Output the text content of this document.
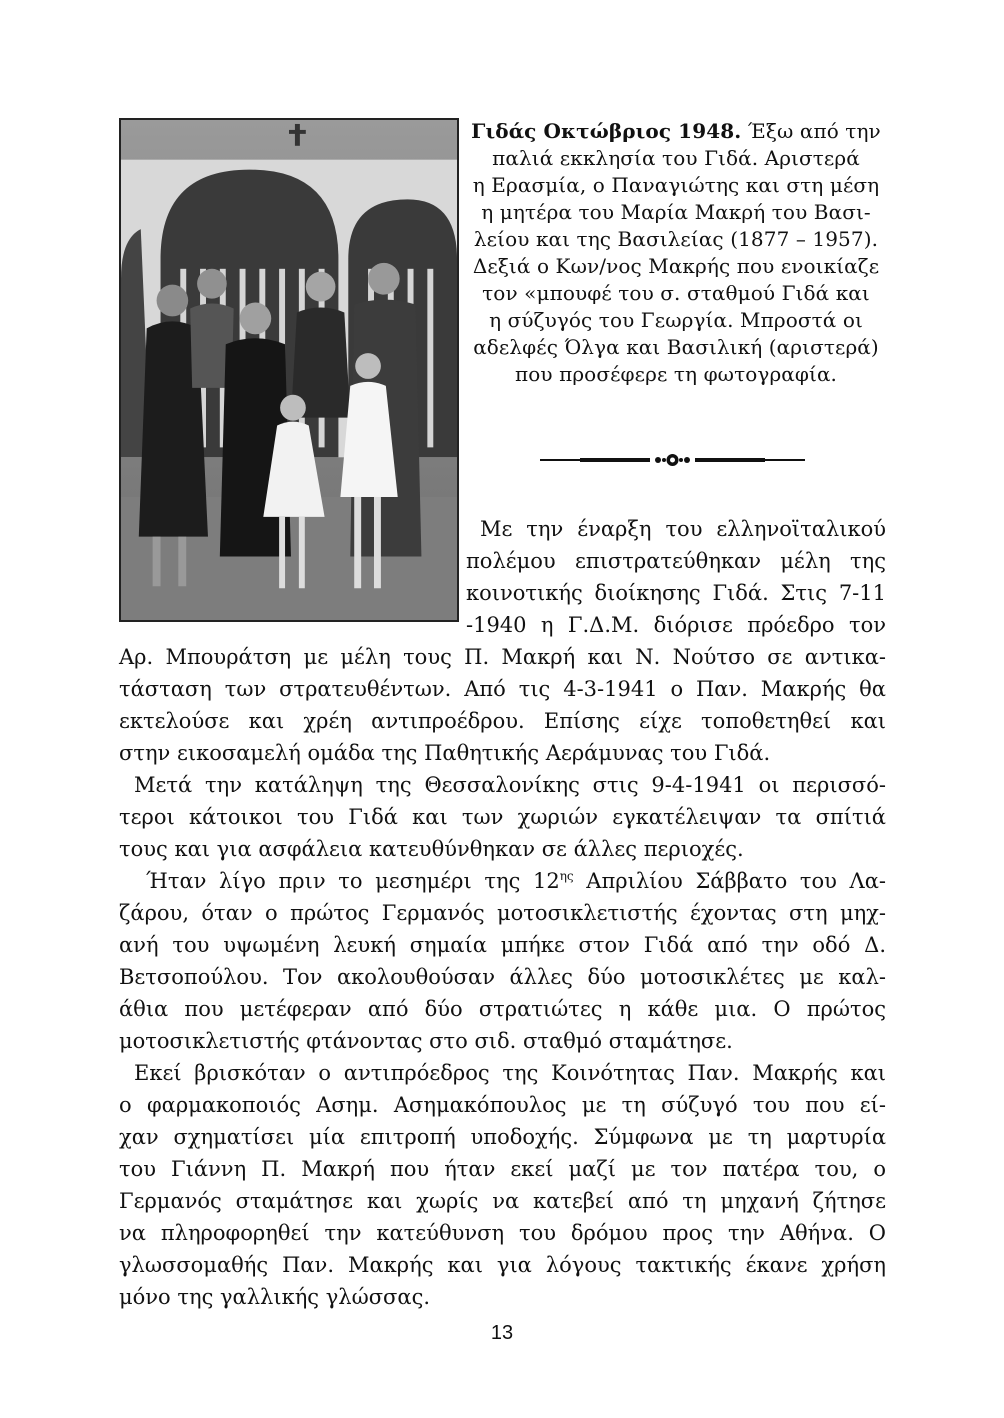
Γιδάς Οκτώβριος 1948. Έξω από την
παλιά εκκλησία του Γιδά. Αριστερά
η Ερασμία, ο Παναγιώτης και στη μέση
η μητέρα του Μαρία Μακρή του Βασι-
λείου και της Βασιλείας (1877 – 1957).
Δεξιά ο Κων/νος Μακρής που ενοικίαζε
τον «μπουφέ του σ. σταθμού Γιδά και
η σύζυγός του Γεωργία. Μπροστά οι
αδελφές Όλγα και Βασιλική (αριστερά)
που προσέφερε τη φωτογραφία.
Με την έναρξη του ελληνοϊταλικού
πολέμου επιστρατεύθηκαν μέλη της
κοινοτικής διοίκησης Γιδά. Στις 7-11
-1940 η Γ.Δ.Μ. διόρισε πρόεδρο τον
Αρ. Μπουράτση με μέλη τους Π. Μακρή και Ν. Νούτσο σε αντικα-
τάσταση των στρατευθέντων. Από τις 4-3-1941 ο Παν. Μακρής θα
εκτελούσε και χρέη αντιπροέδρου. Επίσης είχε τοποθετηθεί και
στην εικοσαμελή ομάδα της Παθητικής Αεράμυνας του Γιδά.
Μετά την κατάληψη της Θεσσαλονίκης στις 9-4-1941 οι περισσό-
τεροι κάτοικοι του Γιδά και των χωριών εγκατέλειψαν τα σπίτιά
τους και για ασφάλεια κατευθύνθηκαν σε άλλες περιοχές.
Ήταν λίγο πριν το μεσημέρι της $12^{\eta\varsigma}$ Απριλίου Σάββατο του Λα-
ζάρου, όταν ο πρώτος Γερμανός μοτοσικλετιστής έχοντας στη μηχ-
ανή του υψωμένη λευκή σημαία μπήκε στον Γιδά από την οδό Δ.
Βετσοπούλου. Τον ακολουθούσαν άλλες δύο μοτοσικλέτες με καλ-
άθια που μετέφεραν από δύο στρατιώτες η κάθε μια. Ο πρώτος
μοτοσικλετιστής φτάνοντας στο σιδ. σταθμό σταμάτησε.
Εκεί βρισκόταν ο αντιπρόεδρος της Κοινότητας Παν. Μακρής και
ο φαρμακοποιός Ασημ. Ασημακόπουλος με τη σύζυγό του που εί-
χαν σχηματίσει μία επιτροπή υποδοχής. Σύμφωνα με τη μαρτυρία
του Γιάννη Π. Μακρή που ήταν εκεί μαζί με τον πατέρα του, ο
Γερμανός σταμάτησε και χωρίς να κατεβεί από τη μηχανή ζήτησε
να πληροφορηθεί την κατεύθυνση του δρόμου προς την Αθήνα. Ο
γλωσσομαθής Παν. Μακρής και για λόγους τακτικής έκανε χρήση
μόνο της γαλλικής γλώσσας.
13
